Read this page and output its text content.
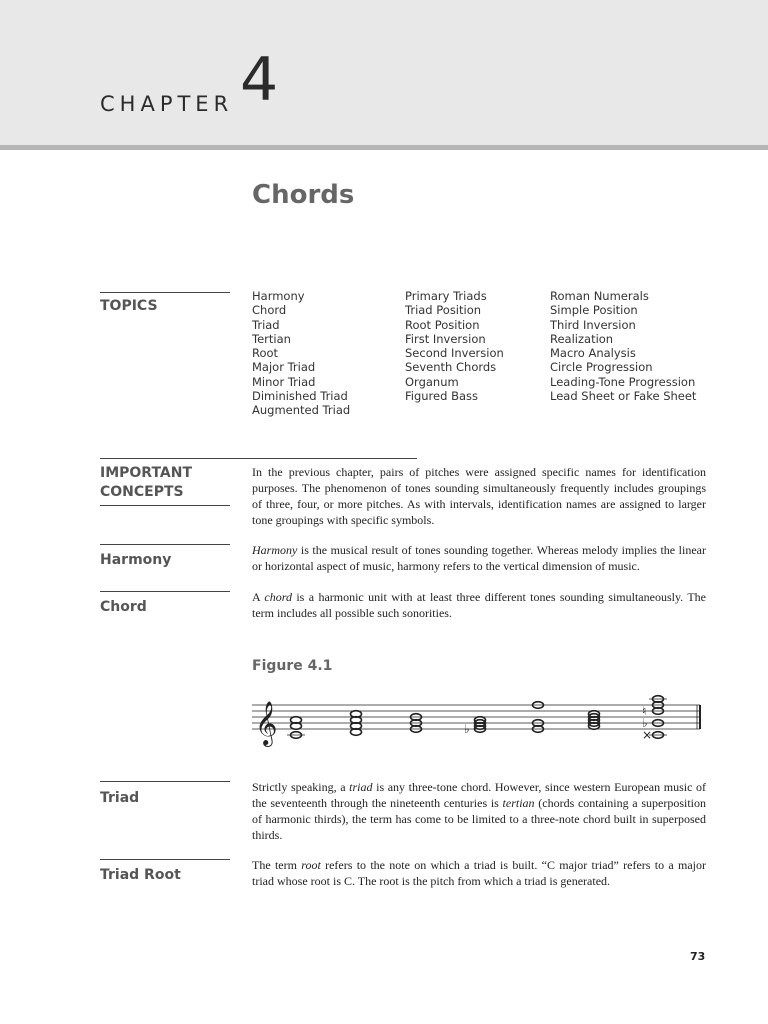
CHAPTER 4
Chords
TOPICS
Harmony
Chord
Triad
Tertian
Root
Major Triad
Minor Triad
Diminished Triad
Augmented Triad
Primary Triads
Triad Position
Root Position
First Inversion
Second Inversion
Seventh Chords
Organum
Figured Bass
Roman Numerals
Simple Position
Third Inversion
Realization
Macro Analysis
Circle Progression
Leading-Tone Progression
Lead Sheet or Fake Sheet
IMPORTANT
CONCEPTS
In the previous chapter, pairs of pitches were assigned specific names for identification purposes. The phenomenon of tones sounding simultaneously frequently includes groupings of three, four, or more pitches. As with intervals, identification names are assigned to larger tone groupings with specific symbols.
Harmony
Harmony is the musical result of tones sounding together. Whereas melody implies the linear or horizontal aspect of music, harmony refers to the vertical dimension of music.
Chord
A chord is a harmonic unit with at least three different tones sounding simultaneously. The term includes all possible such sonorities.
Figure 4.1
𝄞	♭	×
♭
♮
Triad
Strictly speaking, a triad is any three-tone chord. However, since western European music of the seventeenth through the nineteenth centuries is tertian (chords containing a superposition of harmonic thirds), the term has come to be limited to a three-note chord built in superposed thirds.
Triad Root
The term root refers to the note on which a triad is built. “C major triad” refers to a major triad whose root is C. The root is the pitch from which a triad is generated.
73
